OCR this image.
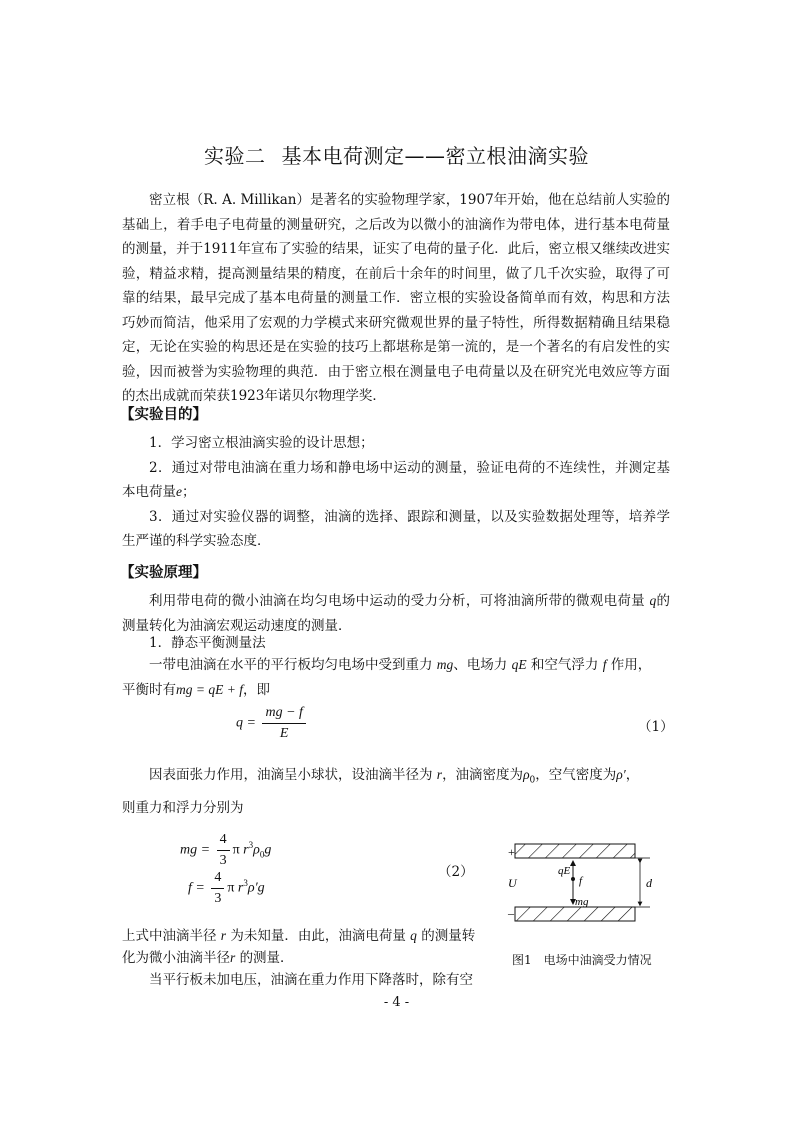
实验二 基本电荷测定——密立根油滴实验

密立根（R. A. Millikan）是著名的实验物理学家，1907年开始，他在总结前人实验的基础上，着手电子电荷量的测量研究，之后改为以微小的油滴作为带电体，进行基本电荷量的测量，并于1911年宣布了实验的结果，证实了电荷的量子化．此后，密立根又继续改进实验，精益求精，提高测量结果的精度，在前后十余年的时间里，做了几千次实验，取得了可靠的结果，最早完成了基本电荷量的测量工作．密立根的实验设备简单而有效，构思和方法巧妙而简洁，他采用了宏观的力学模式来研究微观世界的量子特性，所得数据精确且结果稳定，无论在实验的构思还是在实验的技巧上都堪称是第一流的，是一个著名的有启发性的实验，因而被誉为实验物理的典范．由于密立根在测量电子电荷量以及在研究光电效应等方面的杰出成就而荣获1923年诺贝尔物理学奖．

【实验目的】

1．学习密立根油滴实验的设计思想；
2．通过对带电油滴在重力场和静电场中运动的测量，验证电荷的不连续性，并测定基本电荷量e；
3．通过对实验仪器的调整，油滴的选择、跟踪和测量，以及实验数据处理等，培养学生严谨的科学实验态度．

【实验原理】

利用带电荷的微小油滴在均匀电场中运动的受力分析，可将油滴所带的微观电荷量 q的测量转化为油滴宏观运动速度的测量．

1．静态平衡测量法

一带电油滴在水平的平行板均匀电场中受到重力 mg、电场力 qE 和空气浮力 f 作用，
平衡时有mg = qE + f，即

$q = \frac{mg - f}{E}$	（1）

因表面张力作用，油滴呈小球状，设油滴半径为 r，油滴密度为$\rho_0$，空气密度为ρ′，

则重力和浮力分别为

mg = $\frac{4}{3}$ π $r^3\rho_0g$
$f = \frac{4}{3}$ π $r^3\rho'g$
（2）

上式中油滴半径 r 为未知量．由此，油滴电荷量 q 的测量转

化为微小油滴半径r 的测量．

当平行板未加电压，油滴在重力作用下降落时，除有空

+
–
U
qE
f
mg
d
图1　电场中油滴受力情况
- 4 -
